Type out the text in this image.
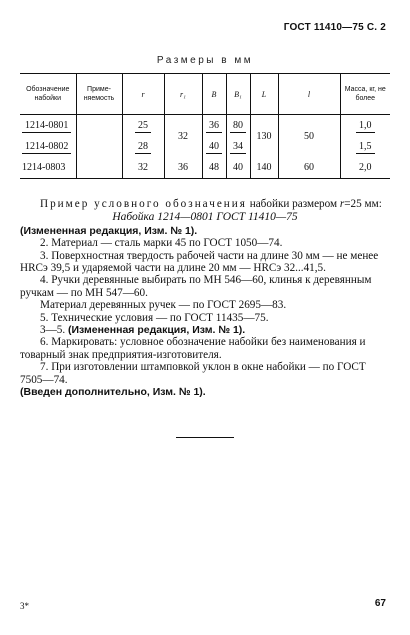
ГОСТ 11410—75 С. 2
Размеры в мм
Обозначение набойки	Применяемость	r	r₁	B	B₁	L	l	Масса, кг, не более
1214-0801		25	32	36	80	130	50	1,0
1214-0802		28		40	34			1,5
1214-0803		32	36	48	40	140	60	2,0

Пример условного обозначения набойки размером r=25 мм:

Набойка 1214—0801 ГОСТ 11410—75

(Измененная редакция, Изм. № 1).

2. Материал — сталь марки 45 по ГОСТ 1050—74.

3. Поверхностная твердость рабочей части на длине 30 мм — не менее HRCэ 39,5 и ударяемой части на длине 20 мм — HRCэ 32...41,5.

4. Ручки деревянные выбирать по МН 546—60, клинья к деревянным ручкам — по МН 547—60.

Материал деревянных ручек — по ГОСТ 2695—83.

5. Технические условия — по ГОСТ 11435—75.

3—5. (Измененная редакция, Изм. № 1).

6. Маркировать: условное обозначение набойки без наименования и товарный знак предприятия-изготовителя.

7. При изготовлении штамповкой уклон в окне набойки — по ГОСТ 7505—74.

(Введен дополнительно, Изм. № 1).

3*	67
